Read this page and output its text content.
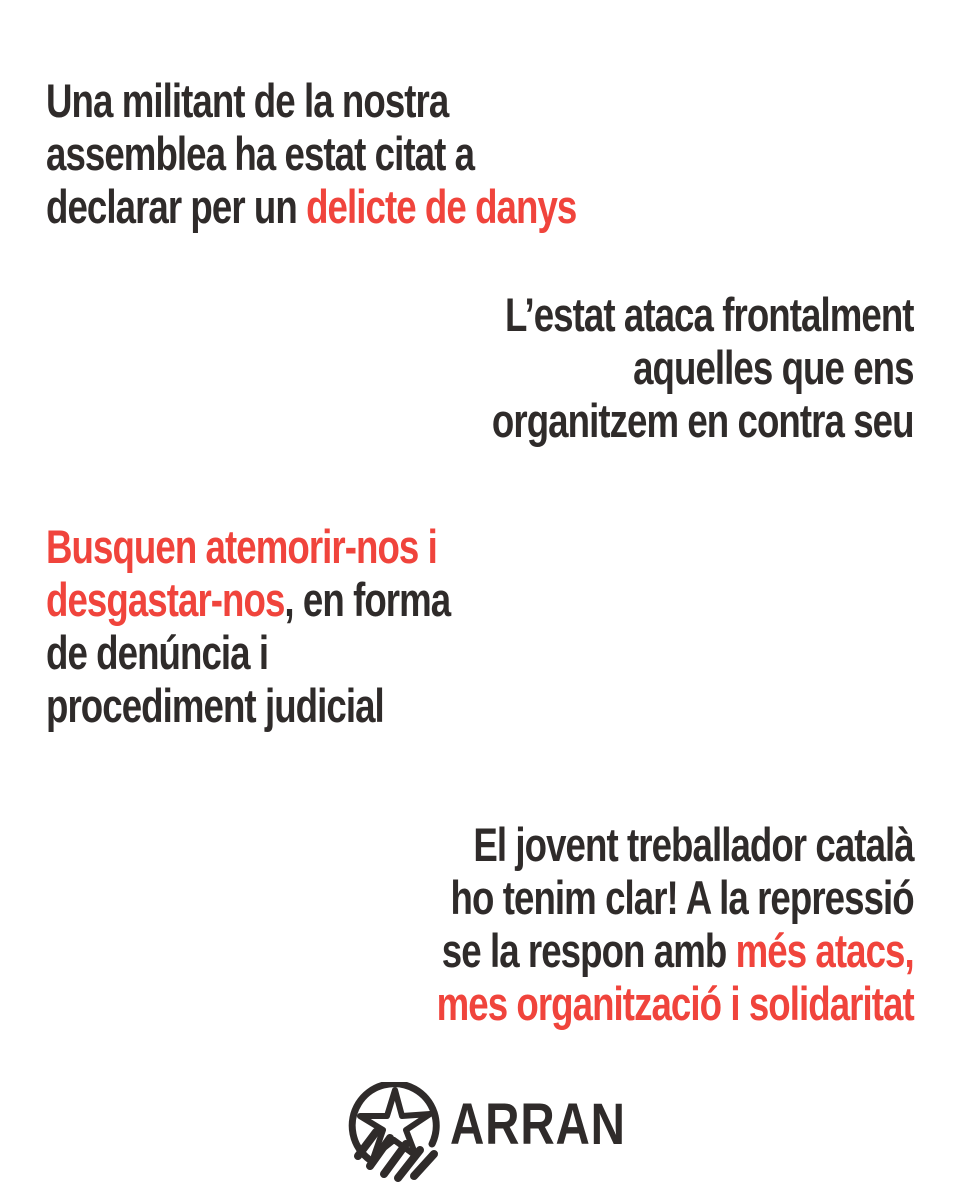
Una militant de la nostra
assemblea ha estat citat a
declarar per un delicte de danys
L’estat ataca frontalment
aquelles que ens
organitzem en contra seu
Busquen atemorir-nos i
desgastar-nos, en forma
de denúncia i
procediment judicial
El jovent treballador català
ho tenim clar! A la repressió
se la respon amb més atacs,
mes organització i solidaritat
ARRAN
